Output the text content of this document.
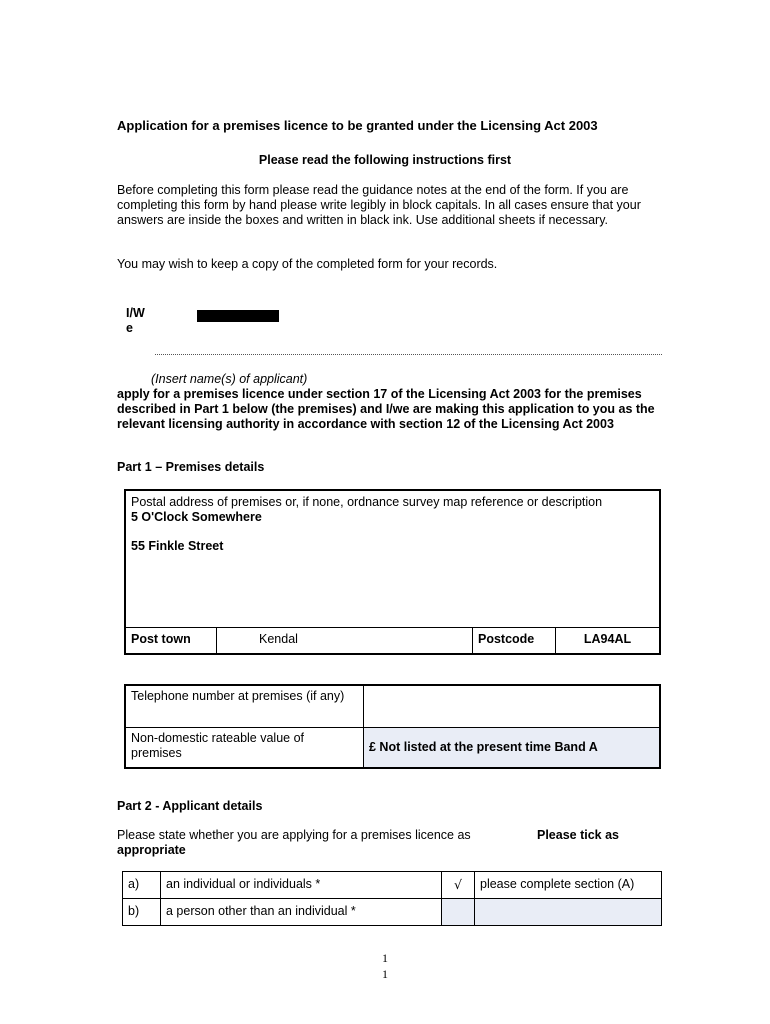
Application for a premises licence to be granted under the Licensing Act 2003
Please read the following instructions first
Before completing this form please read the guidance notes at the end of the form. If you are completing this form by hand please write legibly in block capitals. In all cases ensure that your answers are inside the boxes and written in black ink. Use additional sheets if necessary.
You may wish to keep a copy of the completed form for your records.
I/W
e
(Insert name(s) of applicant)
apply for a premises licence under section 17 of the Licensing Act 2003 for the premises described in Part 1 below (the premises) and I/we are making this application to you as the relevant licensing authority in accordance with section 12 of the Licensing Act 2003
Part 1 – Premises details
Postal address of premises or, if none, ordnance survey map reference or description
5 O'Clock Somewhere
55 Finkle Street
Post town	Kendal	Postcode	LA94AL
Telephone number at premises (if any)
Non-domestic rateable value of premises	£ Not listed at the present time Band A
Part 2 - Applicant details
Please state whether you are applying for a premises licence as	Please tick as
appropriate
a)	an individual or individuals *	√	please complete section (A)
b)	a person other than an individual *
1
1
